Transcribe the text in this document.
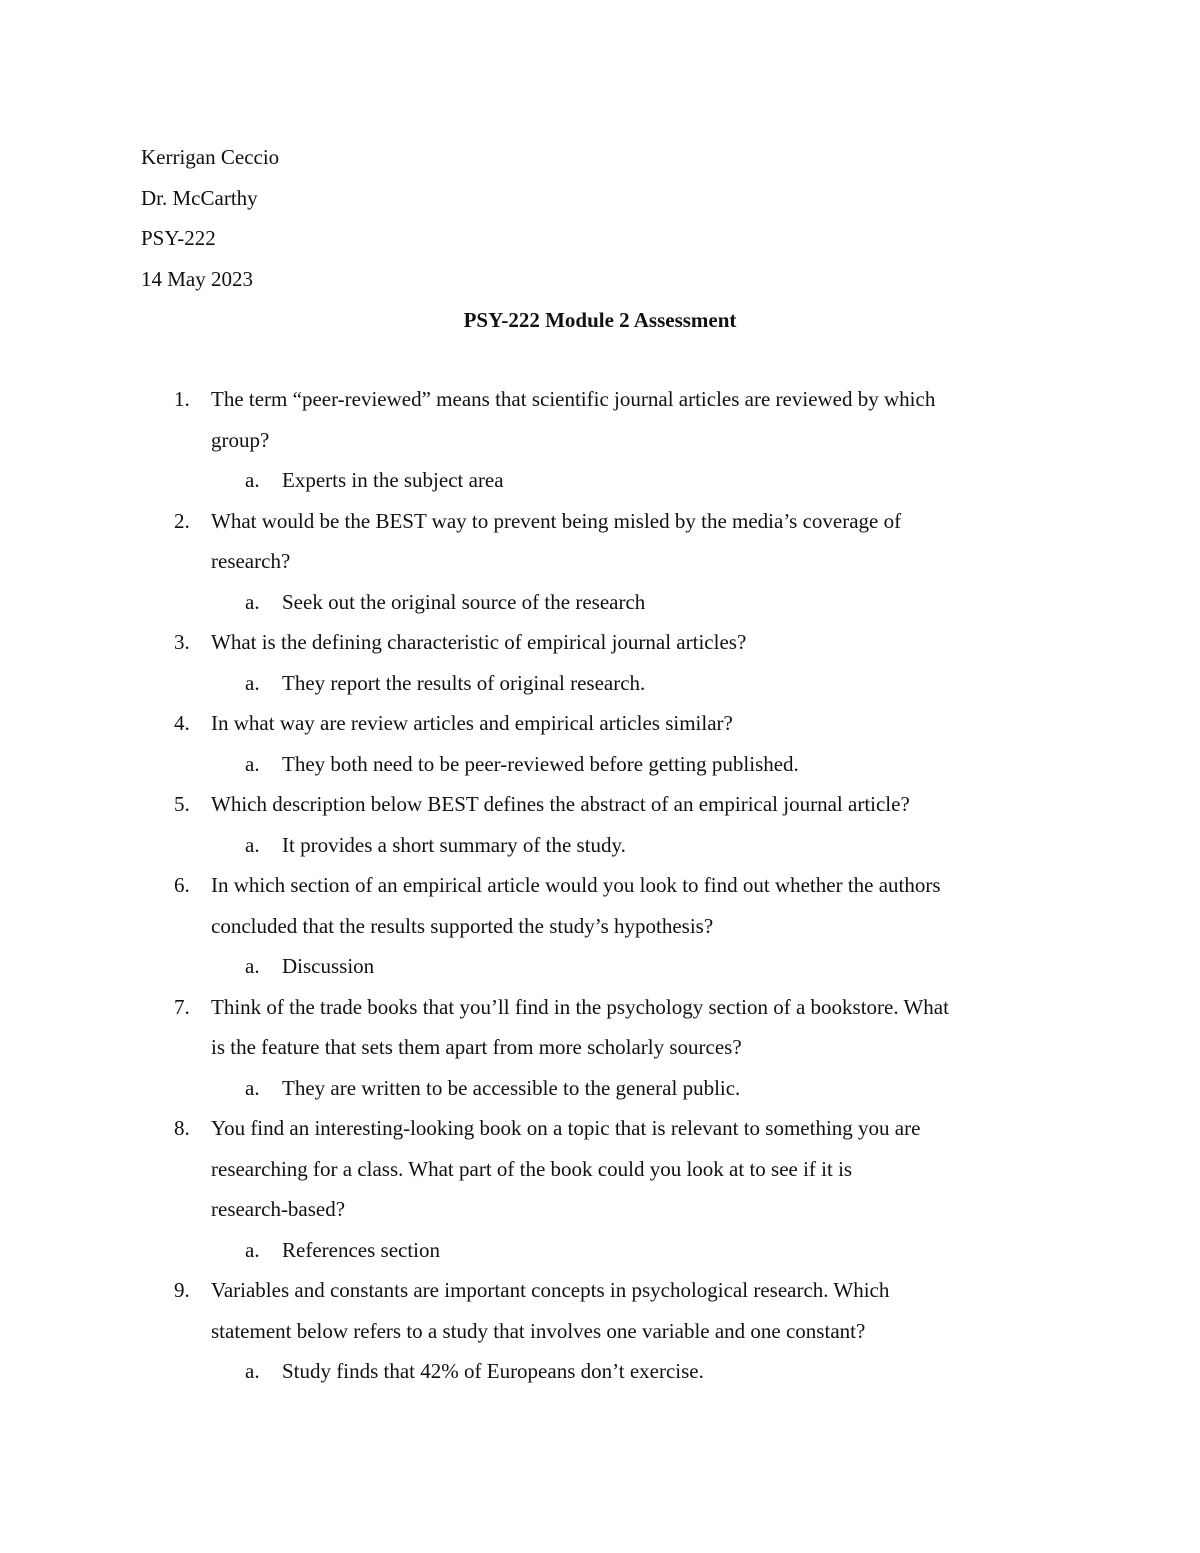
Kerrigan Ceccio
Dr. McCarthy
PSY-222
14 May 2023
PSY-222 Module 2 Assessment
1. The term “peer-reviewed” means that scientific journal articles are reviewed by which
group?
a. Experts in the subject area
2. What would be the BEST way to prevent being misled by the media’s coverage of
research?
a. Seek out the original source of the research
3. What is the defining characteristic of empirical journal articles?
a. They report the results of original research.
4. In what way are review articles and empirical articles similar?
a. They both need to be peer-reviewed before getting published.
5. Which description below BEST defines the abstract of an empirical journal article?
a. It provides a short summary of the study.
6. In which section of an empirical article would you look to find out whether the authors
concluded that the results supported the study’s hypothesis?
a. Discussion
7. Think of the trade books that you’ll find in the psychology section of a bookstore. What
is the feature that sets them apart from more scholarly sources?
a. They are written to be accessible to the general public.
8. You find an interesting-looking book on a topic that is relevant to something you are
researching for a class. What part of the book could you look at to see if it is
research-based?
a. References section
9. Variables and constants are important concepts in psychological research. Which
statement below refers to a study that involves one variable and one constant?
a. Study finds that 42% of Europeans don’t exercise.
